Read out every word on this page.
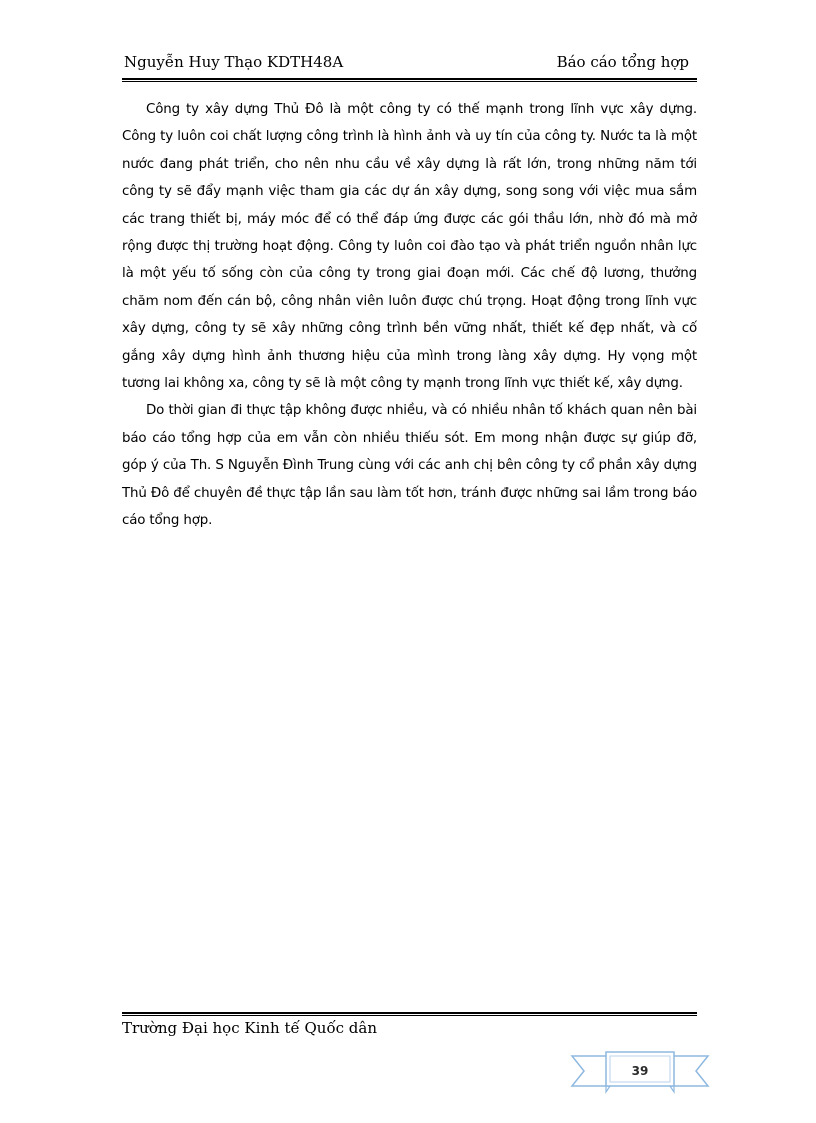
Nguyễn Huy Thạo KDTH48A	Báo cáo tổng hợp

Công ty xây dựng Thủ Đô là một công ty có thế mạnh trong lĩnh vực xây dựng. Công ty luôn coi chất lượng công trình là hình ảnh và uy tín của công ty. Nước ta là một nước đang phát triển, cho nên nhu cầu về xây dựng là rất lớn, trong những năm tới công ty sẽ đẩy mạnh việc tham gia các dự án xây dựng, song song với việc mua sắm các trang thiết bị, máy móc để có thể đáp ứng được các gói thầu lớn, nhờ đó mà mở rộng được thị trường hoạt động. Công ty luôn coi đào tạo và phát triển nguồn nhân lực là một yếu tố sống còn của công ty trong giai đoạn mới. Các chế độ lương, thưởng chăm nom đến cán bộ, công nhân viên luôn được chú trọng. Hoạt động trong lĩnh vực xây dựng, công ty sẽ xây những công trình bền vững nhất, thiết kế đẹp nhất, và cố gắng xây dựng hình ảnh thương hiệu của mình trong làng xây dựng. Hy vọng một tương lai không xa, công ty sẽ là một công ty mạnh trong lĩnh vực thiết kế, xây dựng.

Do thời gian đi thực tập không được nhiều, và có nhiều nhân tố khách quan nên bài báo cáo tổng hợp của em vẫn còn nhiều thiếu sót. Em mong nhận được sự giúp đỡ, góp ý của Th. S Nguyễn Đình Trung cùng với các anh chị bên công ty cổ phần xây dựng Thủ Đô để chuyên đề thực tập lần sau làm tốt hơn, tránh được những sai lầm trong báo cáo tổng hợp.

Trường Đại học Kinh tế Quốc dân
39
